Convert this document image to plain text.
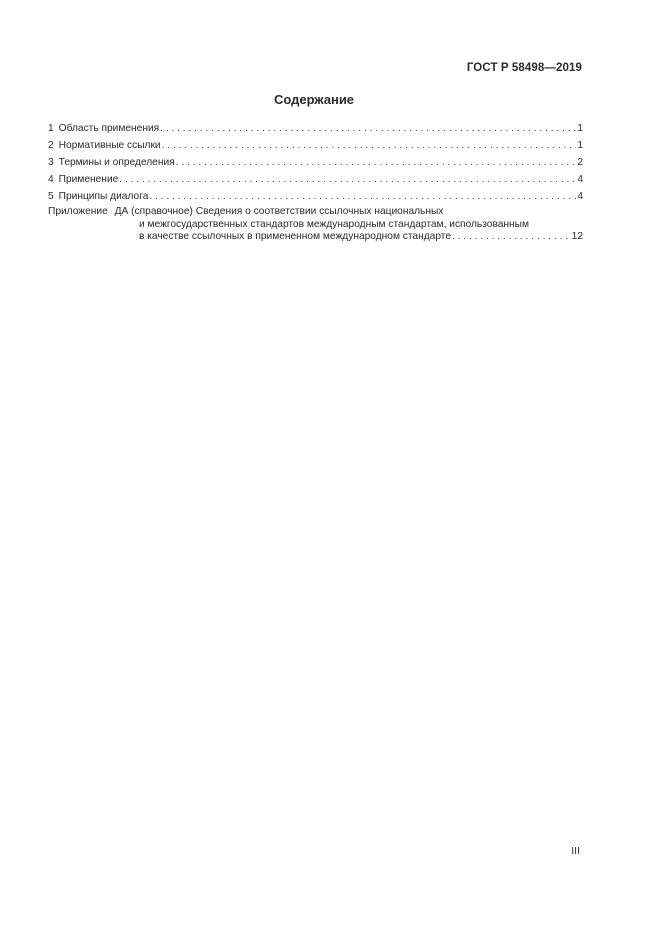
ГОСТ Р 58498—2019
Содержание
1 Область применения . . .	1
2 Нормативные ссылки . . .	1
3 Термины и определения . . .	2
4 Применение . . .	4
5 Принципы диалога . . .	4
Приложение ДА (справочное) Сведения о соответствии ссылочных национальных
и межгосударственных стандартов международным стандартам, использованным
в качестве ссылочных в примененном международном стандарте . . .	12
III
